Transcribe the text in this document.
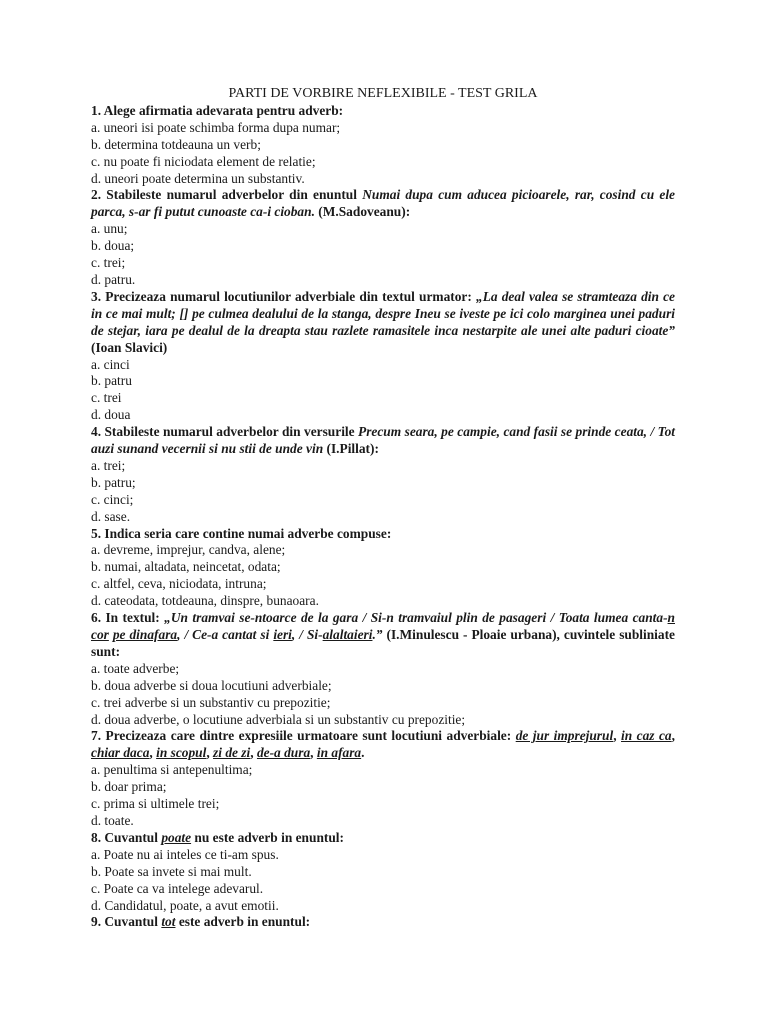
PARTI DE VORBIRE NEFLEXIBILE - TEST GRILA
1. Alege afirmatia adevarata pentru adverb:
a. uneori isi poate schimba forma dupa numar;
b. determina totdeauna un verb;
c. nu poate fi niciodata element de relatie;
d. uneori poate determina un substantiv.
2. Stabileste numarul adverbelor din enuntul Numai dupa cum aducea picioarele, rar, cosind cu ele parca, s-ar fi putut cunoaste ca-i cioban. (M.Sadoveanu):
a. unu;
b. doua;
c. trei;
d. patru.
3. Precizeaza numarul locutiunilor adverbiale din textul urmator: „La deal valea se stramteaza din ce in ce mai mult; [] pe culmea dealului de la stanga, despre Ineu se iveste pe ici colo marginea unei paduri de stejar, iara pe dealul de la dreapta stau razlete ramasitele inca nestarpite ale unei alte paduri cioate” (Ioan Slavici)
a. cinci
b. patru
c. trei
d. doua
4. Stabileste numarul adverbelor din versurile Precum seara, pe campie, cand fasii se prinde ceata, / Tot auzi sunand vecernii si nu stii de unde vin (I.Pillat):
a. trei;
b. patru;
c. cinci;
d. sase.
5. Indica seria care contine numai adverbe compuse:
a. devreme, imprejur, candva, alene;
b. numai, altadata, neincetat, odata;
c. altfel, ceva, niciodata, intruna;
d. cateodata, totdeauna, dinspre, bunaoara.
6. In textul: „Un tramvai se-ntoarce de la gara / Si-n tramvaiul plin de pasageri / Toata lumea canta-n cor pe dinafara, / Ce-a cantat si ieri, / Si-alaltaieri.” (I.Minulescu - Ploaie urbana), cuvintele subliniate sunt:
a. toate adverbe;
b. doua adverbe si doua locutiuni adverbiale;
c. trei adverbe si un substantiv cu prepozitie;
d. doua adverbe, o locutiune adverbiala si un substantiv cu prepozitie;
7. Precizeaza care dintre expresiile urmatoare sunt locutiuni adverbiale: de jur imprejurul, in caz ca, chiar daca, in scopul, zi de zi, de-a dura, in afara.
a. penultima si antepenultima;
b. doar prima;
c. prima si ultimele trei;
d. toate.
8. Cuvantul poate nu este adverb in enuntul:
a. Poate nu ai inteles ce ti-am spus.
b. Poate sa invete si mai mult.
c. Poate ca va intelege adevarul.
d. Candidatul, poate, a avut emotii.
9. Cuvantul tot este adverb in enuntul:
